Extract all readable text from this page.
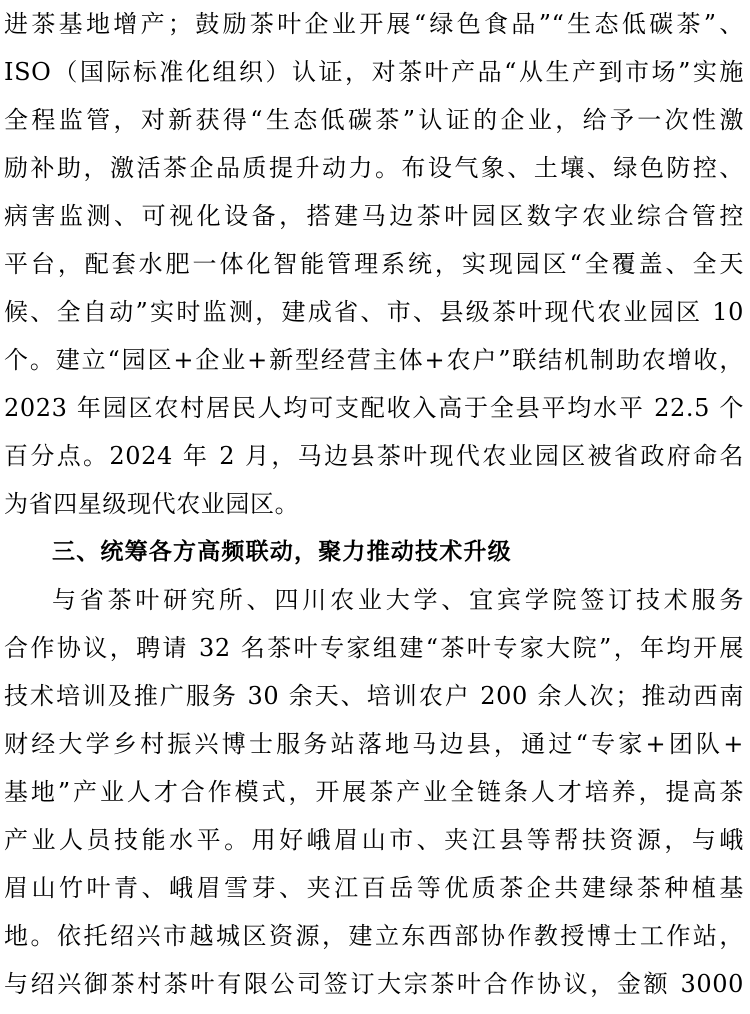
进茶基地增产；鼓励茶叶企业开展“绿色食品”“生态低碳茶”、
ISO（国际标准化组织）认证，对茶叶产品“从生产到市场”实施
全程监管，对新获得“生态低碳茶”认证的企业，给予一次性激
励补助，激活茶企品质提升动力。布设气象、土壤、绿色防控、
病害监测、可视化设备，搭建马边茶叶园区数字农业综合管控
平台，配套水肥一体化智能管理系统，实现园区“全覆盖、全天
候、全自动”实时监测，建成省、市、县级茶叶现代农业园区 10
个。建立“园区+企业+新型经营主体+农户”联结机制助农增收，
2023 年园区农村居民人均可支配收入高于全县平均水平 22.5 个
百分点。2024 年 2 月，马边县茶叶现代农业园区被省政府命名
为省四星级现代农业园区。
三、统筹各方高频联动，聚力推动技术升级
与省茶叶研究所、四川农业大学、宜宾学院签订技术服务
合作协议，聘请 32 名茶叶专家组建“茶叶专家大院”，年均开展
技术培训及推广服务 30 余天、培训农户 200 余人次；推动西南
财经大学乡村振兴博士服务站落地马边县，通过“专家+团队+
基地”产业人才合作模式，开展茶产业全链条人才培养，提高茶
产业人员技能水平。用好峨眉山市、夹江县等帮扶资源，与峨
眉山竹叶青、峨眉雪芽、夹江百岳等优质茶企共建绿茶种植基
地。依托绍兴市越城区资源，建立东西部协作教授博士工作站，
与绍兴御茶村茶叶有限公司签订大宗茶叶合作协议，金额 3000
